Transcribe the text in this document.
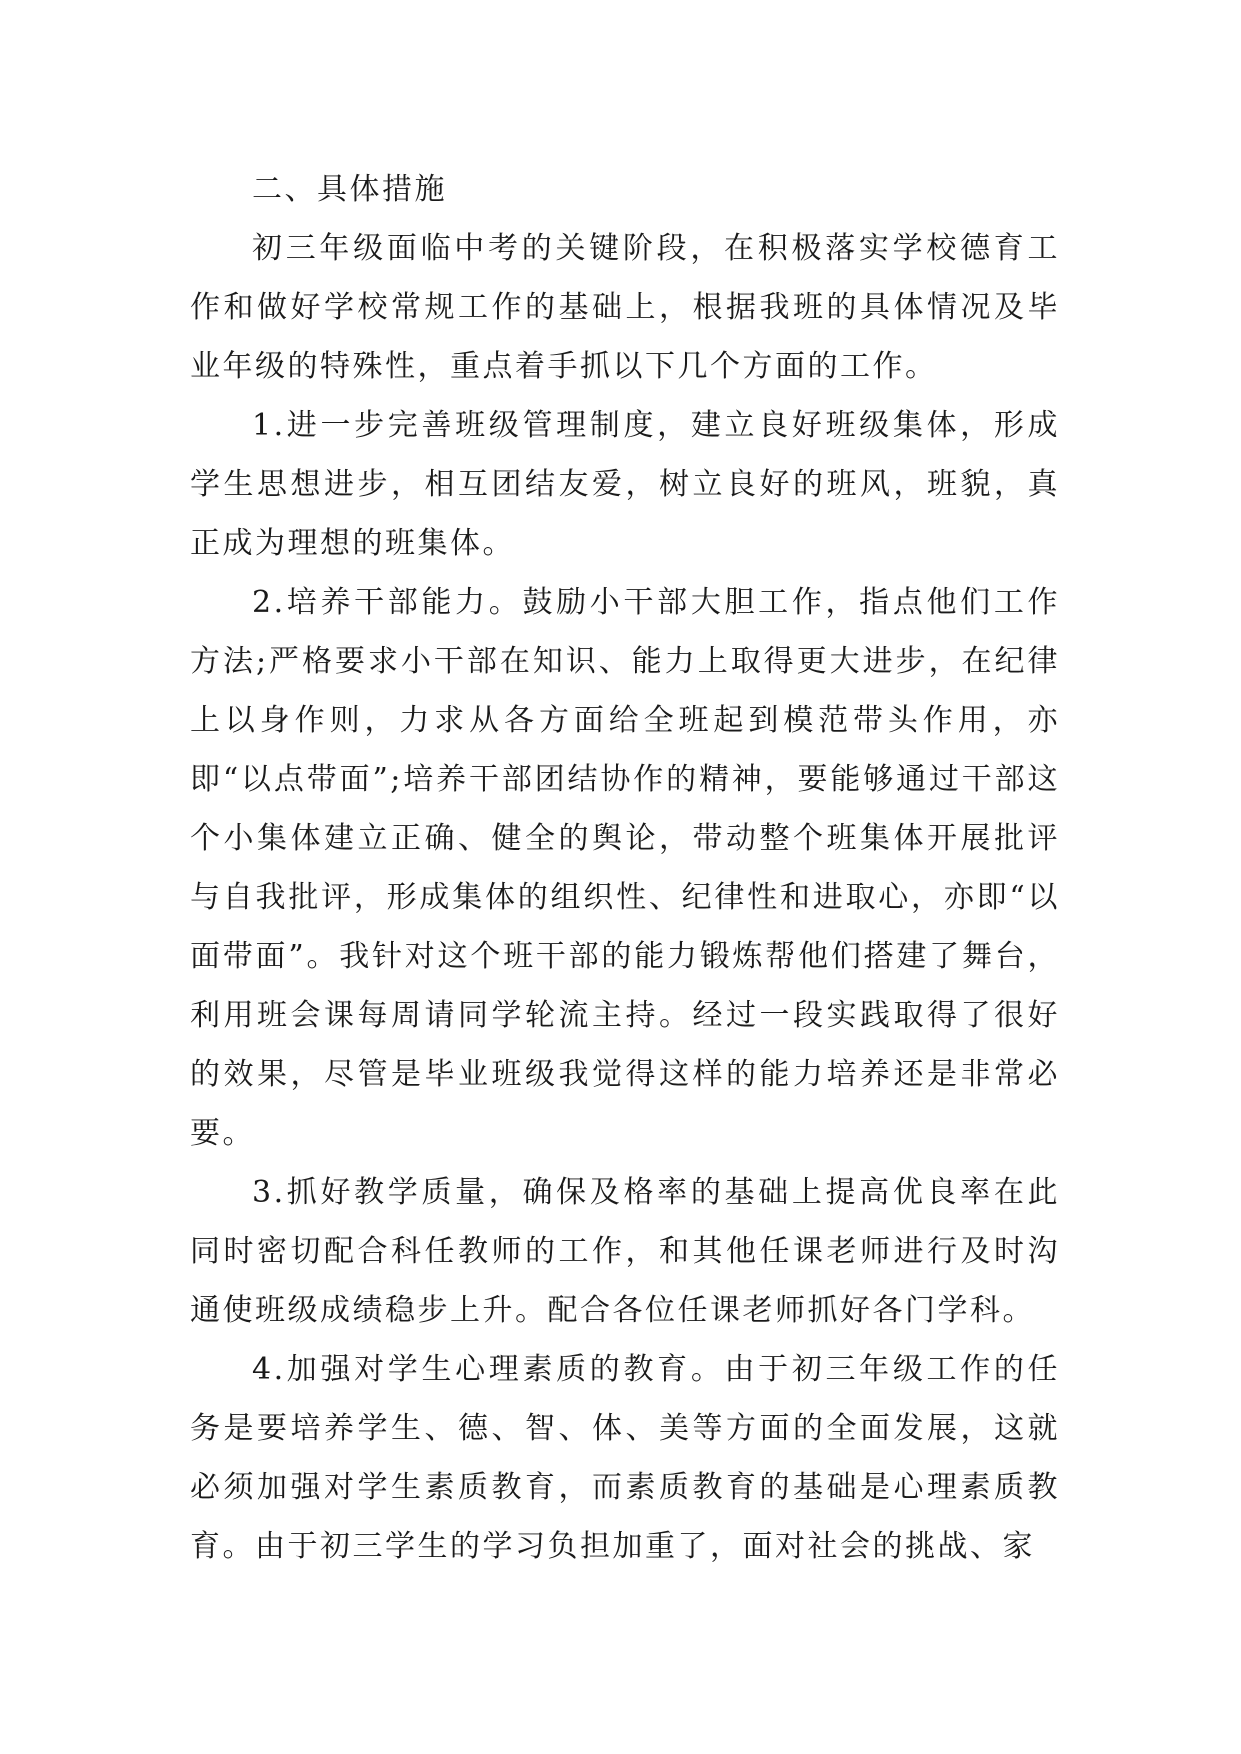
二、具体措施

初三年级面临中考的关键阶段，在积极落实学校德育工作和做好学校常规工作的基础上，根据我班的具体情况及毕业年级的特殊性，重点着手抓以下几个方面的工作。

1.进一步完善班级管理制度，建立良好班级集体，形成学生思想进步，相互团结友爱，树立良好的班风，班貌，真正成为理想的班集体。

2.培养干部能力。鼓励小干部大胆工作，指点他们工作方法;严格要求小干部在知识、能力上取得更大进步，在纪律上以身作则，力求从各方面给全班起到模范带头作用，亦即“以点带面”;培养干部团结协作的精神，要能够通过干部这个小集体建立正确、健全的舆论，带动整个班集体开展批评与自我批评，形成集体的组织性、纪律性和进取心，亦即“以面带面”。我针对这个班干部的能力锻炼帮他们搭建了舞台，利用班会课每周请同学轮流主持。经过一段实践取得了很好的效果，尽管是毕业班级我觉得这样的能力培养还是非常必要。

3.抓好教学质量，确保及格率的基础上提高优良率在此同时密切配合科任教师的工作，和其他任课老师进行及时沟通使班级成绩稳步上升。配合各位任课老师抓好各门学科。

4.加强对学生心理素质的教育。由于初三年级工作的任务是要培养学生、德、智、体、美等方面的全面发展，这就必须加强对学生素质教育，而素质教育的基础是心理素质教育。由于初三学生的学习负担加重了，面对社会的挑战、家
